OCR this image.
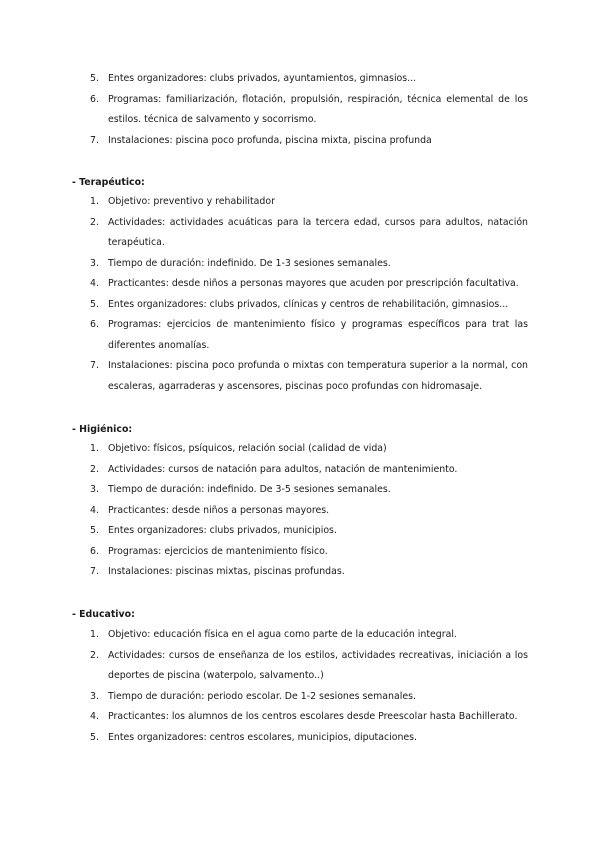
5. Entes organizadores: clubs privados, ayuntamientos, gimnasios...
6. Programas: familiarización, flotación, propulsión, respiración, técnica elemental de los estilos. técnica de salvamento y socorrismo.
7. Instalaciones: piscina poco profunda, piscina mixta, piscina profunda

- Terapéutico:

1. Objetivo: preventivo y rehabilitador
2. Actividades: actividades acuáticas para la tercera edad, cursos para adultos, natación terapéutica.
3. Tiempo de duración: indefinido. De 1-3 sesiones semanales.
4. Practicantes: desde niños a personas mayores que acuden por prescripción facultativa.
5. Entes organizadores: clubs privados, clínicas y centros de rehabilitación, gimnasios...
6. Programas: ejercicios de mantenimiento físico y programas específicos para trat las diferentes anomalías.
7. Instalaciones: piscina poco profunda o mixtas con temperatura superior a la normal, con escaleras, agarraderas y ascensores, piscinas poco profundas con hidromasaje.

- Higiénico:

1. Objetivo: físicos, psíquicos, relación social (calidad de vida)
2. Actividades: cursos de natación para adultos, natación de mantenimiento.
3. Tiempo de duración: indefinido. De 3-5 sesiones semanales.
4. Practicantes: desde niños a personas mayores.
5. Entes organizadores: clubs privados, municipios.
6. Programas: ejercicios de mantenimiento físico.
7. Instalaciones: piscinas mixtas, piscinas profundas.

- Educativo:

1. Objetivo: educación física en el agua como parte de la educación integral.
2. Actividades: cursos de enseñanza de los estilos, actividades recreativas, iniciación a los deportes de piscina (waterpolo, salvamento..)
3. Tiempo de duración: periodo escolar. De 1-2 sesiones semanales.
4. Practicantes: los alumnos de los centros escolares desde Preescolar hasta Bachillerato.
5. Entes organizadores: centros escolares, municipios, diputaciones.
